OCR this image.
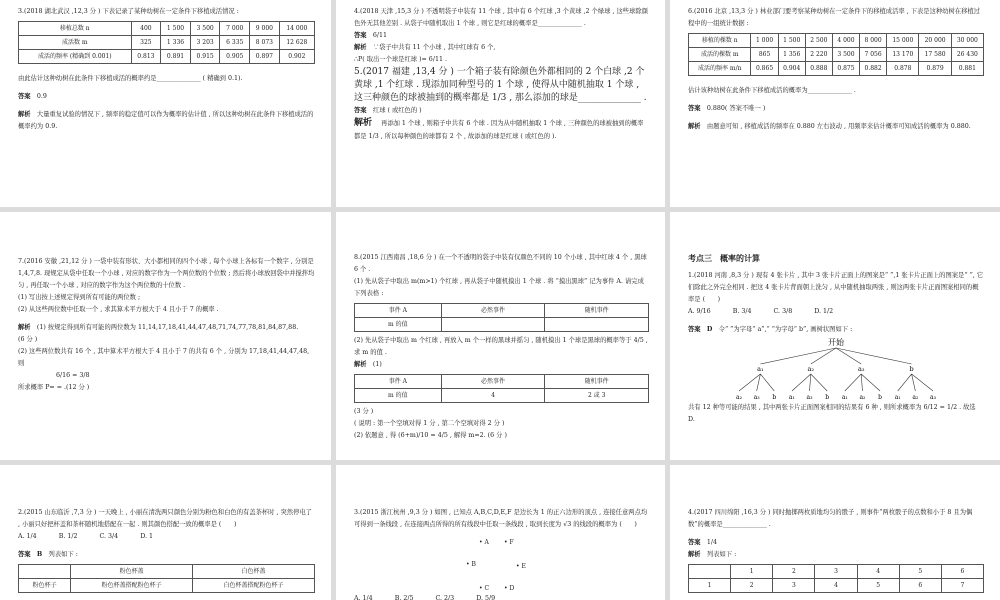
3.(2018 湖北武汉 ,12,3 分 ) 下表记录了某种幼树在一定条件下移植成活情况 :

移植总数 n	400	1 500	3 500	7 000	9 000	14 000
成活数 m	325	1 336	3 203	6 335	8 073	12 628
成活的频率 (精确到 0.001)	0.813	0.891	0.915	0.905	0.897	0.902

由此估计这种幼树在此条件下移植成活的概率约是______________ ( 精确到 0.1).

答案　 0.9

解析　 大量重复试验的情况下 , 频率的稳定值可以作为概率的估计值 , 所以这种幼树在此条件下移植成活的概率约为 0.9.

4.(2018 天津 ,15,3 分 ) 不透明袋子中装有 11 个球 , 其中有 6 个红球 ,3 个黄球 ,2 个绿球 , 这些球除颜色外无其他差别 . 从袋子中随机取出 1 个球 , 则它是红球的概率是______________ .

答案　 6/11

解析　 ∵袋子中共有 11 个小球 , 其中红球有 6 个,

∴P( 取出一个球是红球 )= 6/11 .

5.(2017 福建 ,13,4 分 ) 一个箱子装有除颜色外都相同的 2 个白球 ,2 个黄球 ,1 个红球 . 现添加同种型号的 1 个球 , 使得从中随机抽取 1 个球 , 这三种颜色的球被抽到的概率都是 1/3 , 那么添加的球是______________ .

答案　 红球 ( 或红色的 )

解析　 再添加 1 个球 , 则箱子中共有 6 个球 . 因为从中随机抽取 1 个球 , 三种颜色的球被抽到的概率都是 1/3 , 所以每种颜色的球都有 2 个 , 故添加的球是红球 ( 或红色的 ).

6.(2016 北京 ,13,3 分 ) 林业部门要考察某种幼树在一定条件下的移植成活率 , 下表是这种幼树在移植过程中的一组统计数据 :

移植的棵数 n	1 000	1 500	2 500	4 000	8 000	15 000	20 000	30 000
成活的棵数 m	865	1 356	2 220	3 500	7 056	13 170	17 580	26 430
成活的频率 m/n	0.865	0.904	0.888	0.875	0.882	0.878	0.879	0.881

估计该种幼树在此条件下移植成活的概率为______________ .

答案　 0.880( 答案不唯一 )

解析　 由题意可知 , 移植成活的频率在 0.880 左右波动 , 用频率来估计概率可知成活的概率为 0.880.

7.(2016 安徽 ,21,12 分 ) 一袋中装有形状、大小都相同的四个小球 , 每个小球上各标有一个数字 , 分别是 1,4,7,8. 现规定从袋中任取一个小球 , 对应的数字作为一个两位数的个位数 ; 然后将小球放回袋中并搅拌均匀 , 再任取一个小球 , 对应的数字作为这个两位数的十位数 .

(1) 写出按上述规定得到所有可能的两位数 ;

(2) 从这些两位数中任取一个 , 求其算术平方根大于 4 且小于 7 的概率 .

解析　 (1) 按规定得到所有可能的两位数为 11,14,17,18,41,44,47,48,71,74,77,78,81,84,87,88.

(6 分 )

(2) 这些两位数共有 16 个 , 其中算术平方根大于 4 且小于 7 的共有 6 个 , 分别为 17,18,41,44,47,48, 则

6/16 = 3/8

所求概率 P= = .(12 分 )

8.(2015 江西南昌 ,18,6 分 ) 在一个不透明的袋子中装有仅颜色不同的 10 个小球 , 其中红球 4 个 , 黑球 6 个 .

(1) 先从袋子中取出 m(m>1) 个红球 , 再从袋子中随机摸出 1 个球 . 将 “摸出黑球” 记为事件 A. 请完成下列表格 :

事件 A	必然事件	随机事件
m 的值		

(2) 先从袋子中取出 m 个红球 , 再放入 m 个一样的黑球并摇匀 , 随机摸出 1 个球是黑球的概率等于 4/5 , 求 m 的值 .

解析　 (1)

事件 A	必然事件	随机事件
m 的值	4	2 或 3

(3 分 )

( 说明 : 第一个空填对得 1 分 , 第二个空填对得 2 分 )

(2) 依题意 , 得 (6+m)/10 = 4/5 , 解得 m=2. (6 分 )

考点三　概率的计算

1.(2018 河南 ,8,3 分 ) 现有 4 张卡片 , 其中 3 张卡片正面上的图案是“ ”,1 张卡片正面上的图案是“ ”, 它们除此之外完全相同 . 把这 4 张卡片背面朝上洗匀 , 从中随机抽取两张 , 则这两张卡片正面图案相同的概率是 (　　)

A. 9/16	B. 3/4	C. 3/8	D. 1/2

答案　 D　 令“ ”为字母“ a”,“ ”为字母“ b”, 画树状图如下 :

开始
a₁	a₂	a₃	b
a₂ a₃ b a₁ a₃ b a₁ a₂ b a₁ a₂ a₃

共有 12 种等可能的结果 , 其中两张卡片正面图案相同的结果有 6 种 , 则所求概率为 6/12 = 1/2 . 故选 D.

2.(2015 山东临沂 ,7,3 分 ) 一天晚上 , 小丽在清洗两只颜色分别为粉色和白色的有盖茶杯时 , 突然停电了 , 小丽只好把杯盖和茶杯随机地搭配在一起 . 则其颜色搭配一致的概率是 (　　)

A. 1/4	B. 1/2	C. 3/4	D. 1

答案　 B　 列表如下 :

	粉色杯盖	白色杯盖
粉色杯子	粉色杯盖搭配粉色杯子	白色杯盖搭配粉色杯子

3.(2015 浙江杭州 ,9,3 分 ) 如图 , 已知点 A,B,C,D,E,F 是边长为 1 的正六边形的顶点 , 连接任意两点均可得到一条线段 , 在连接两点所得的所有线段中任取一条线段 , 取到长度为 √3 的线段的概率为 (　　)

• A	• F
• B	• E
• C • D
A. 1/4	B. 2/5	C. 2/3	D. 5/9

4.(2017 四川绵阳 ,16,3 分 ) 同时抛掷两枚质地均匀的骰子 , 则事件“两枚骰子的点数和小于 8 且为偶数”的概率是______________ .

答案　 1/4

解析　 列表如下 :

	1	2	3	4	5	6
1	2	3	4	5	6	7
